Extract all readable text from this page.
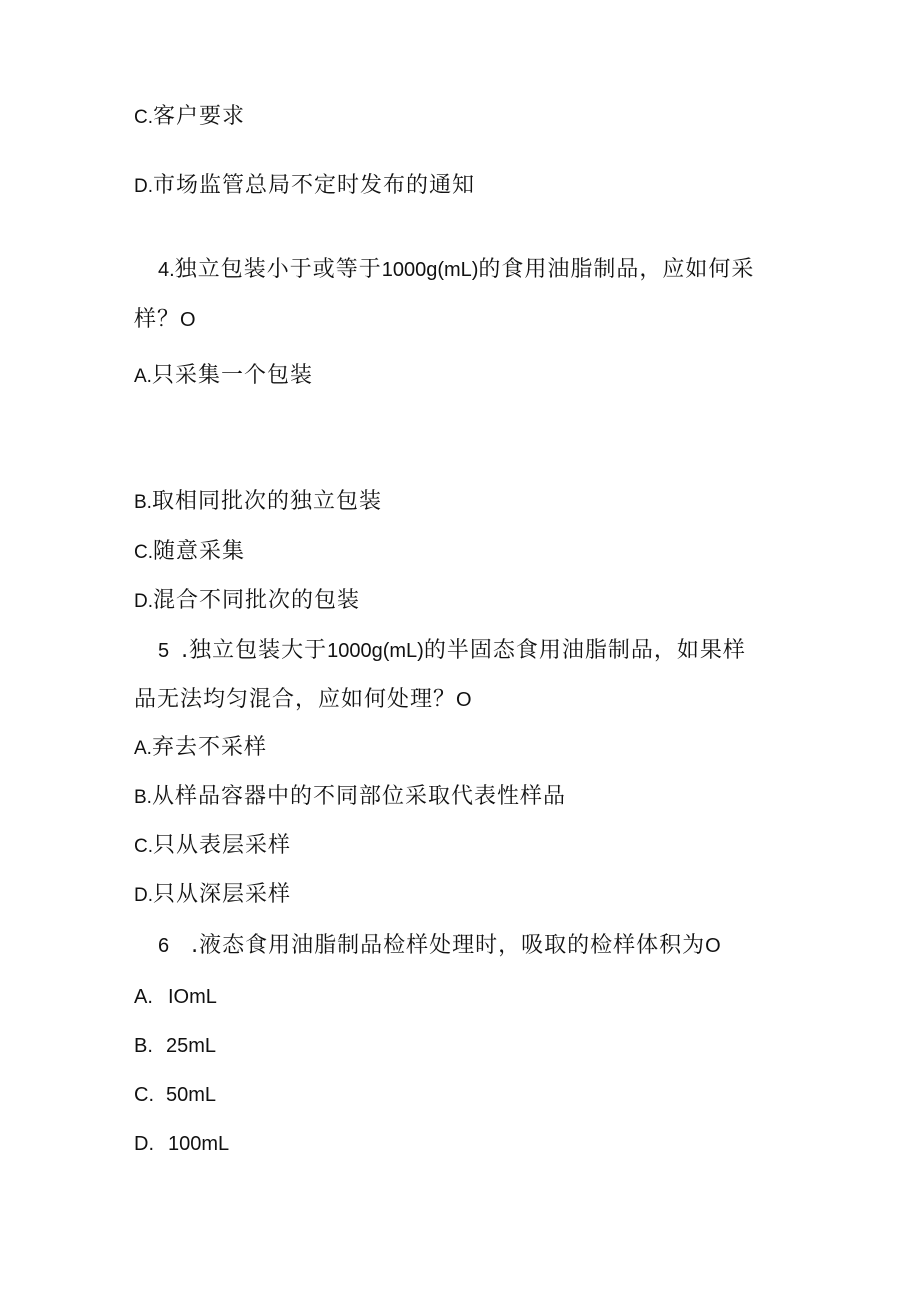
C.客户要求
D.市场监管总局不定时发布的通知
4.独立包装小于或等于1000g(mL)的食用油脂制品，应如何采
样？O
A.只采集一个包装
B.取相同批次的独立包装
C.随意采集
D.混合不同批次的包装
5 .独立包装大于1000g(mL)的半固态食用油脂制品，如果样
品无法均匀混合，应如何处理？O
A.弃去不采样
B.从样品容器中的不同部位采取代表性样品
C.只从表层采样
D.只从深层采样
6 .液态食用油脂制品检样处理时，吸取的检样体积为O
A. IOmL
B. 25mL
C. 50mL
D. 100mL
